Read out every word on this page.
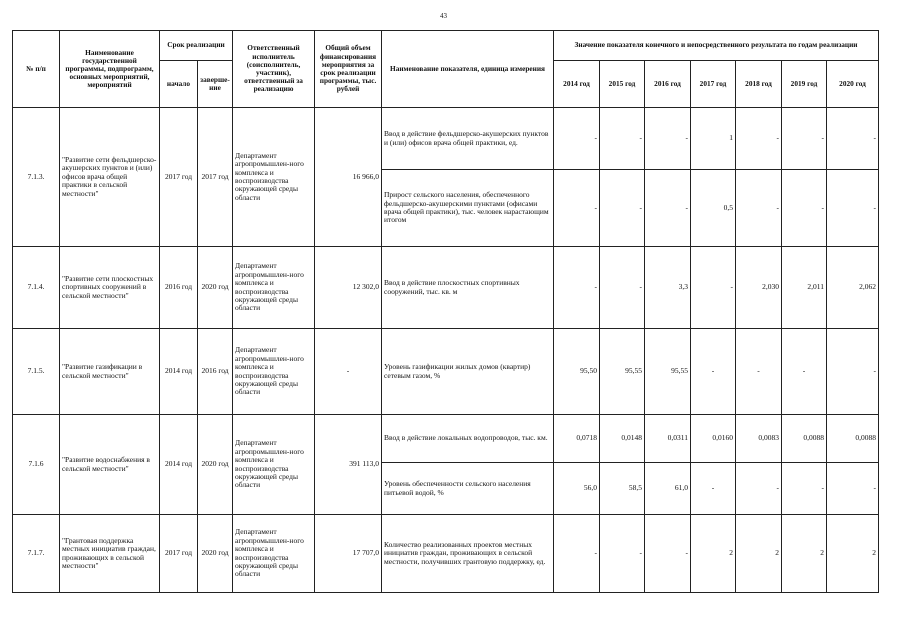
43
№ п/п	Наименование государственной программы, подпрограмм, основных мероприятий, мероприятий	Срок реализации		Ответственный исполнитель (соисполнитель, участник), ответственный за реализацию	Общий объем финансирования мероприятия за срок реализации программы, тыс. рублей	Наименование показателя, единица измерения	Значение показателя конечного и непосредственного результата по годам реализации						
		начало	заверше-ние				2014 год	2015 год	2016 год	2017 год	2018 год	2019 год	2020 год
7.1.3.	"Развитие сети фельдшерско-акушерских пунктов и (или) офисов врача общей практики в сельской местности"	2017 год	2017 год	Департамент агропромышлен-ного комплекса и воспроизводства окружающей среды области	16 966,0	Ввод в действие фельдшерско-акушерских пунктов и (или) офисов врача общей практики, ед.	-	-	-	1	-	-	-
						Прирост сельского населения, обеспеченного фельдшерско-акушерскими пунктами (офисами врача общей практики), тыс. человек нарастающим итогом	-	-	-	0,5	-	-	-
7.1.4.	"Развитие сети плоскостных спортивных сооружений в сельской местности"	2016 год	2020 год	Департамент агропромышлен-ного комплекса и воспроизводства окружающей среды области	12 302,0	Ввод в действие плоскостных спортивных сооружений, тыс. кв. м	-	-	3,3	-	2,030	2,011	2,062
7.1.5.	"Развитие газификации в сельской местности"	2014 год	2016 год	Департамент агропромышлен-ного комплекса и воспроизводства окружающей среды области	-	Уровень газификации жилых домов (квартир) сетевым газом, %	95,50	95,55	95,55	-	-	-	-
7.1.6	"Развитие водоснабжения в сельской местности"	2014 год	2020 год	Департамент агропромышлен-ного комплекса и воспроизводства окружающей среды области	391 113,0	Ввод в действие локальных водопроводов, тыс. км.	0,0718	0,0148	0,0311	0,0160	0,0083	0,0088	0,0088
						Уровень обеспеченности сельского населения питьевой водой, %	56,0	58,5	61,0	-	-	-	-
7.1.7.	"Грантовая поддержка местных инициатив граждан, проживающих в сельской местности"	2017 год	2020 год	Департамент агропромышлен-ного комплекса и воспроизводства окружающей среды области	17 707,0	Количество реализованных проектов местных инициатив граждан, проживающих в сельской местности, получивших грантовую поддержку, ед.	-	-	-	2	2	2	2
